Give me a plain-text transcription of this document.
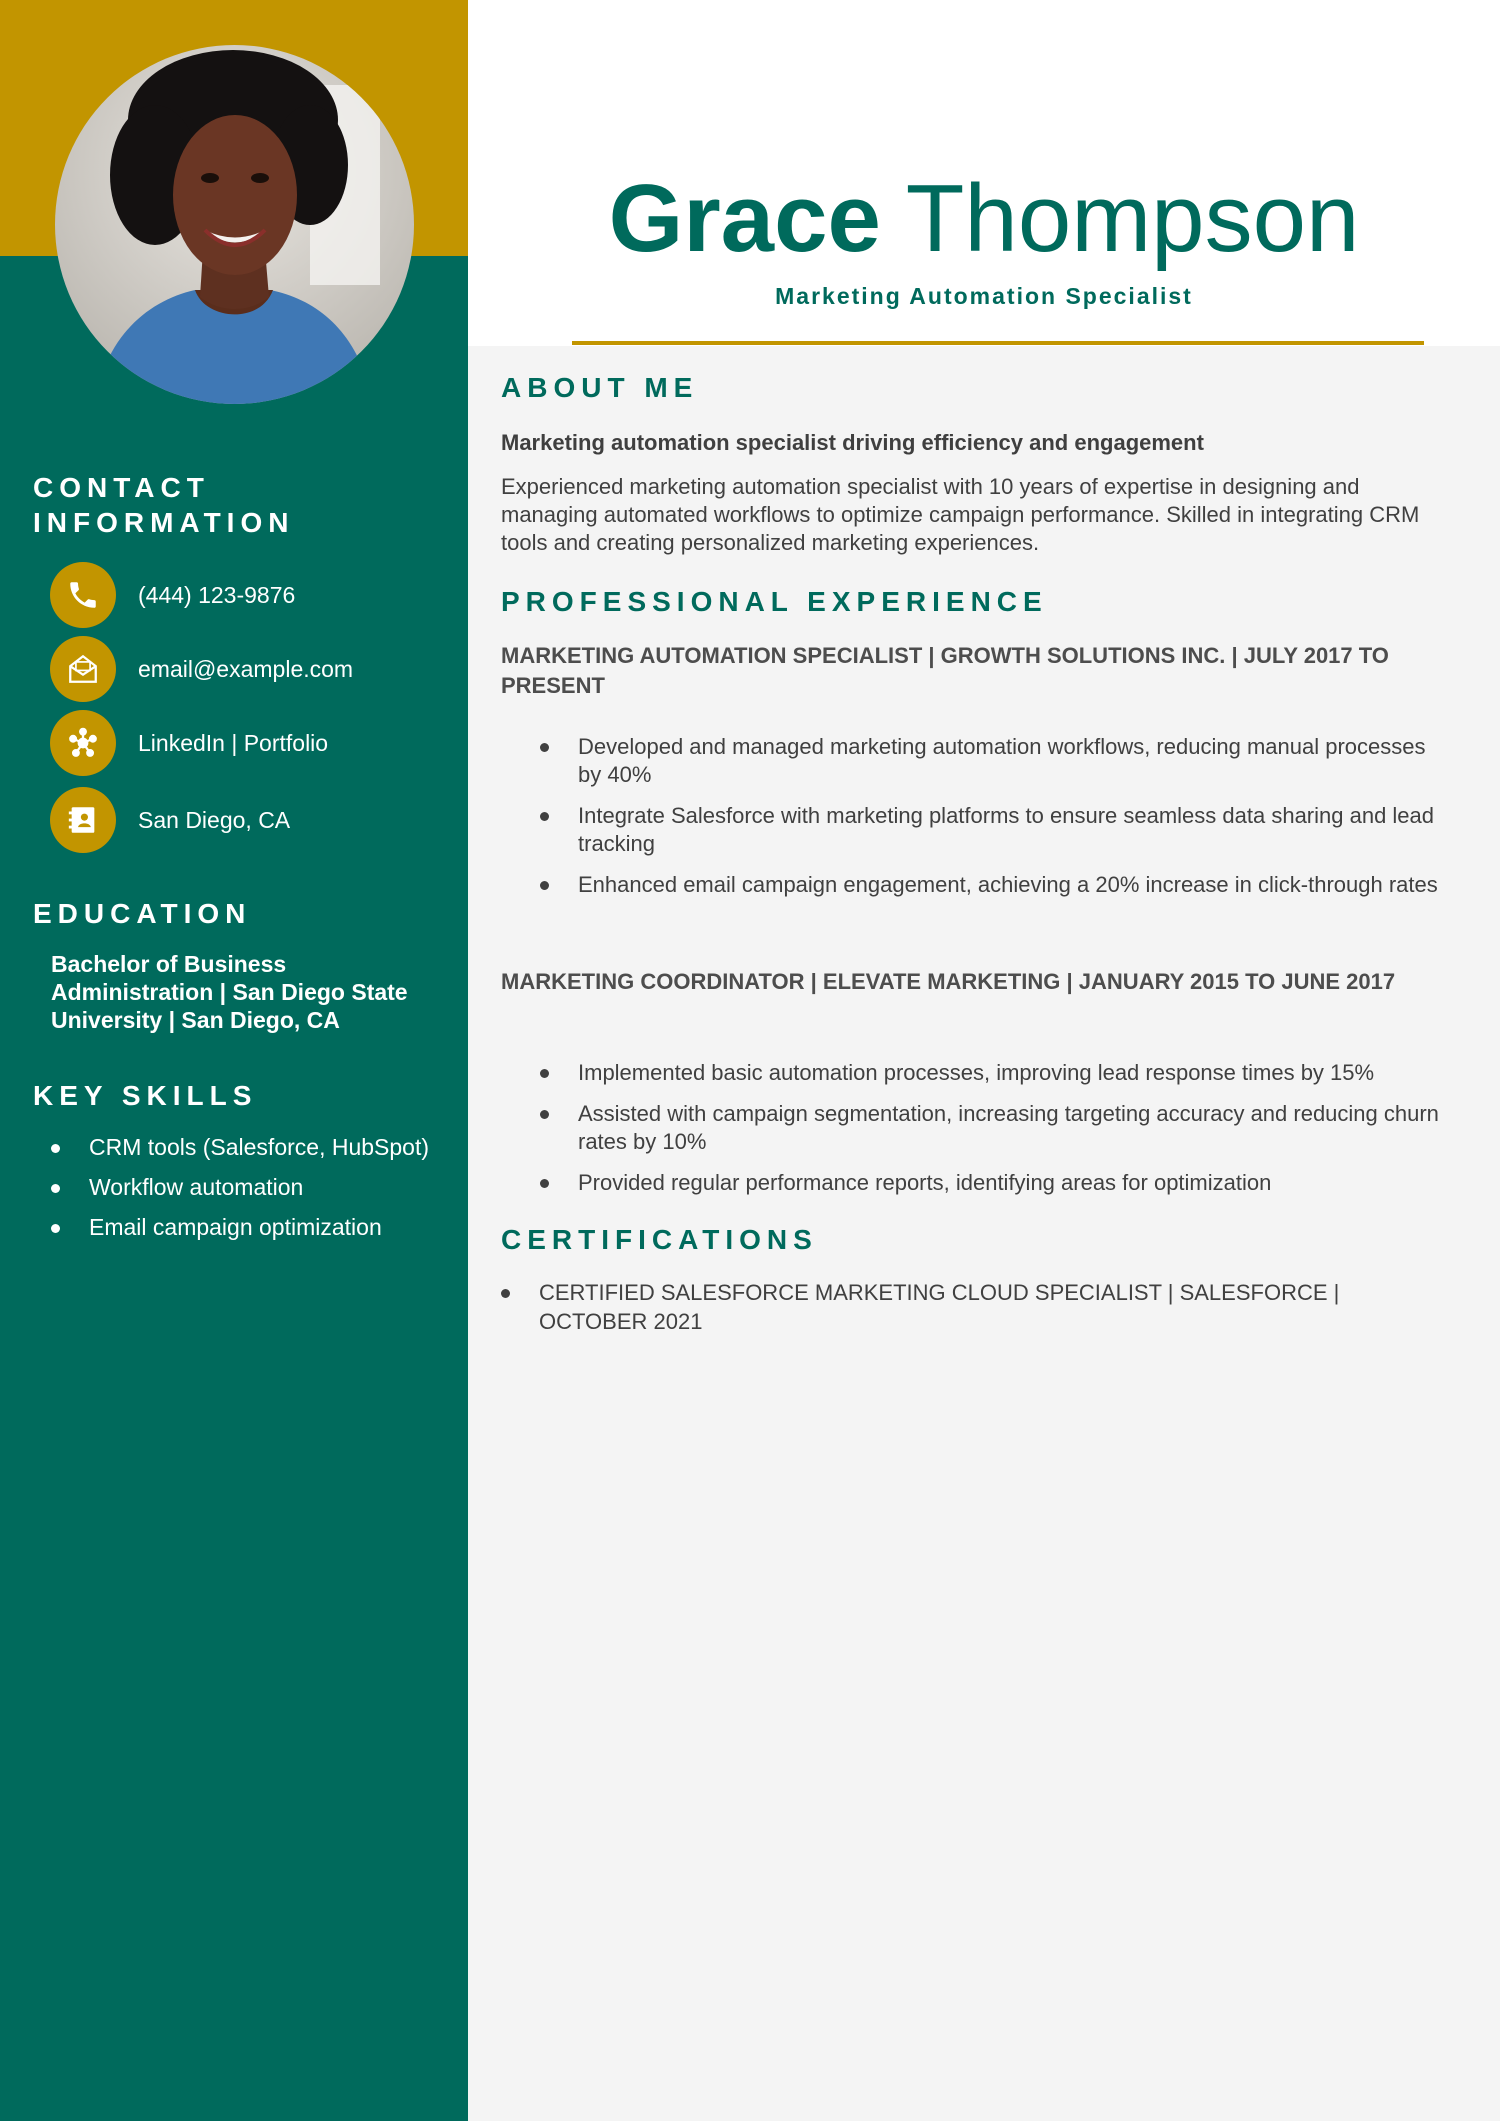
CONTACT INFORMATION
(444) 123-9876
email@example.com
LinkedIn | Portfolio
San Diego, CA
EDUCATION
Bachelor of Business Administration | San Diego State University | San Diego, CA
KEY SKILLS
CRM tools (Salesforce, HubSpot)
Workflow automation
Email campaign optimization
Grace Thompson
Marketing Automation Specialist
ABOUT ME
Marketing automation specialist driving efficiency and engagement
Experienced marketing automation specialist with 10 years of expertise in designing and managing automated workflows to optimize campaign performance. Skilled in integrating CRM tools and creating personalized marketing experiences.
PROFESSIONAL EXPERIENCE
MARKETING AUTOMATION SPECIALIST | GROWTH SOLUTIONS INC. | JULY 2017 TO PRESENT
Developed and managed marketing automation workflows, reducing manual processes by 40%
Integrate Salesforce with marketing platforms to ensure seamless data sharing and lead tracking
Enhanced email campaign engagement, achieving a 20% increase in click-through rates
MARKETING COORDINATOR | ELEVATE MARKETING | JANUARY 2015 TO JUNE 2017
Implemented basic automation processes, improving lead response times by 15%
Assisted with campaign segmentation, increasing targeting accuracy and reducing churn rates by 10%
Provided regular performance reports, identifying areas for optimization
CERTIFICATIONS
CERTIFIED SALESFORCE MARKETING CLOUD SPECIALIST | SALESFORCE | OCTOBER 2021
